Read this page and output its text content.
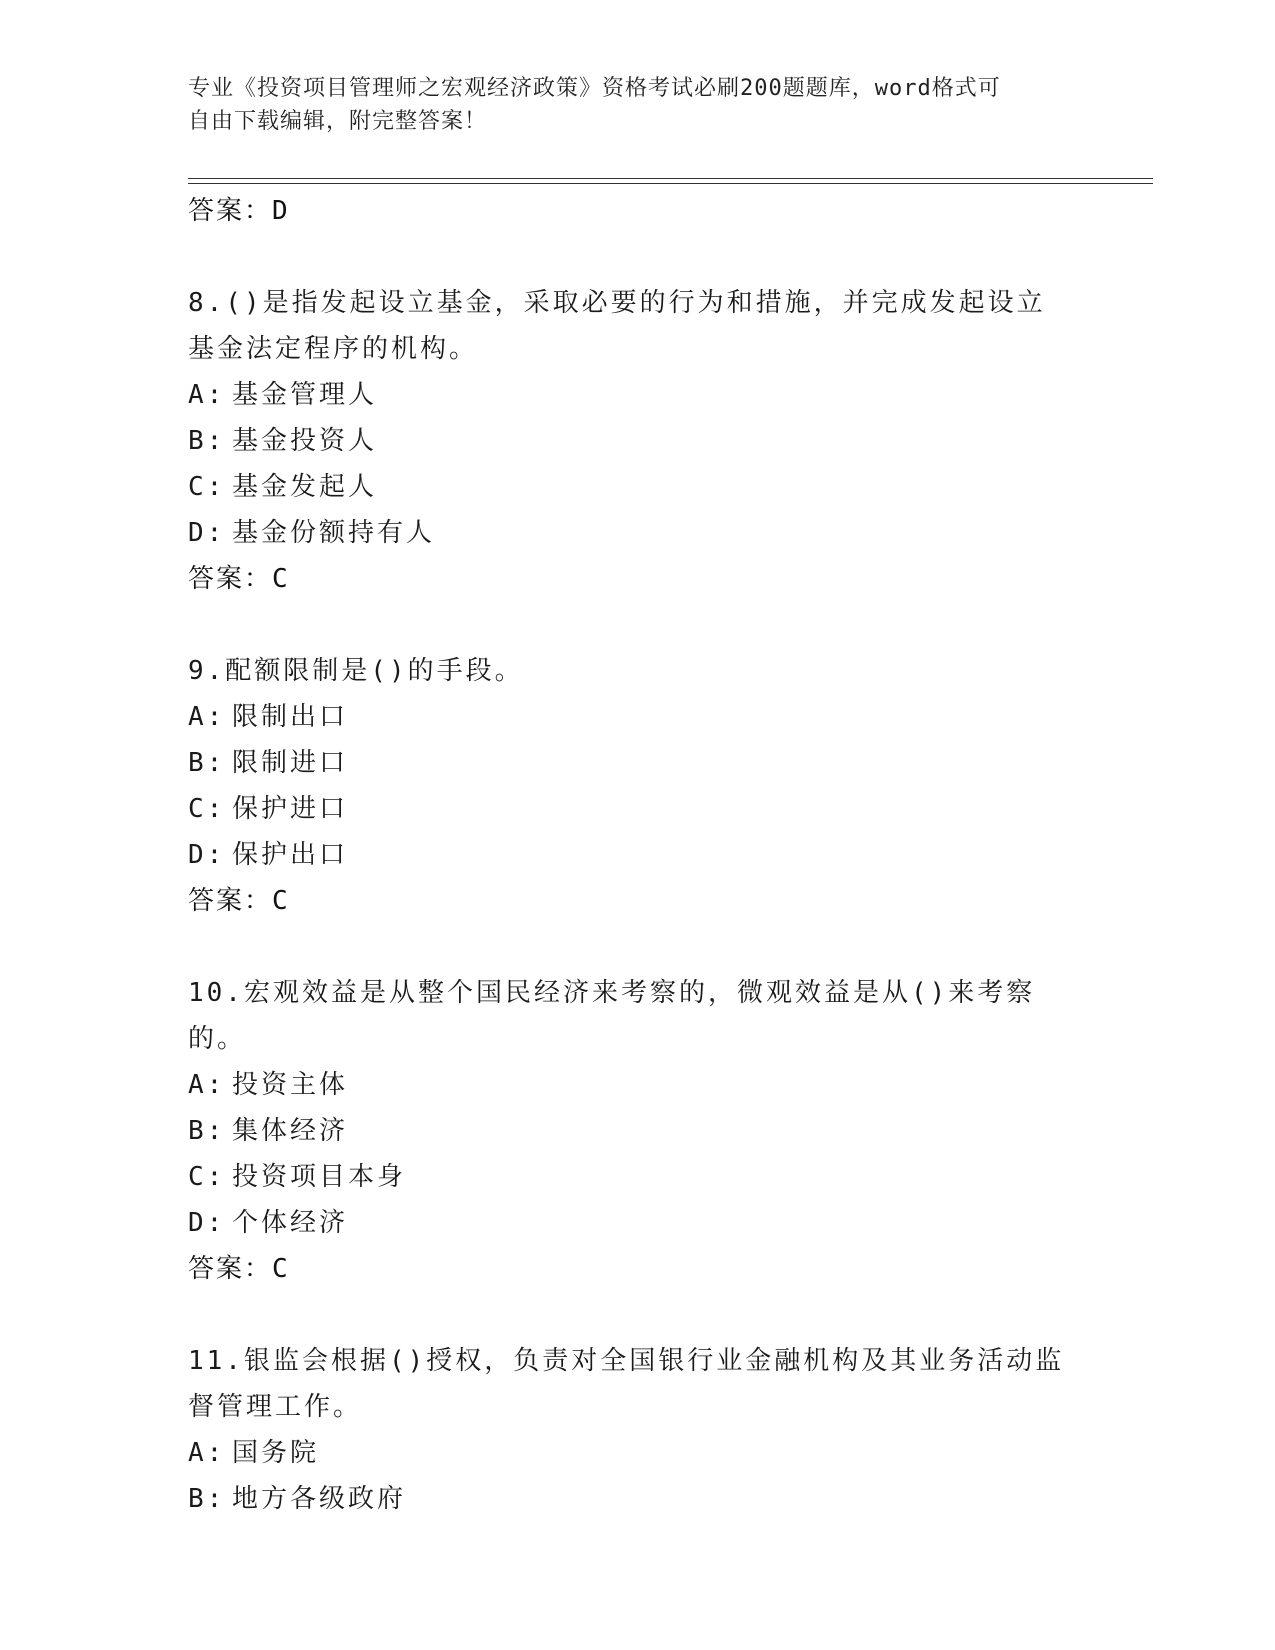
专业《投资项目管理师之宏观经济政策》资格考试必刷200题题库，word格式可
自由下载编辑，附完整答案！
答案：D
8.()是指发起设立基金，采取必要的行为和措施，并完成发起设立基金法定程序的机构。
A: 基金管理人
B: 基金投资人
C: 基金发起人
D: 基金份额持有人
答案：C
9.配额限制是()的手段。
A: 限制出口
B: 限制进口
C: 保护进口
D: 保护出口
答案：C
10.宏观效益是从整个国民经济来考察的，微观效益是从()来考察的。
A: 投资主体
B: 集体经济
C: 投资项目本身
D: 个体经济
答案：C
11.银监会根据()授权，负责对全国银行业金融机构及其业务活动监督管理工作。
A: 国务院
B: 地方各级政府
